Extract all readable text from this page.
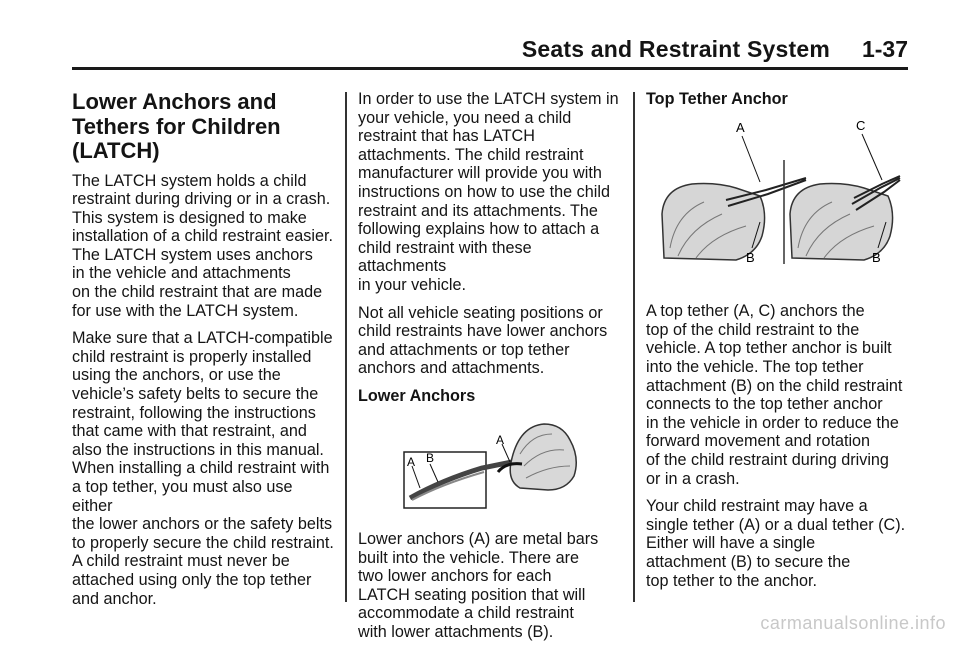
Seats and Restraint System 1-37
Lower Anchors and
Tethers for Children
(LATCH)

The LATCH system holds a child
restraint during driving or in a crash.
This system is designed to make
installation of a child restraint easier.
The LATCH system uses anchors
in the vehicle and attachments
on the child restraint that are made
for use with the LATCH system.

Make sure that a LATCH-compatible
child restraint is properly installed
using the anchors, or use the
vehicle’s safety belts to secure the
restraint, following the instructions
that came with that restraint, and
also the instructions in this manual.
When installing a child restraint with
a top tether, you must also use either
the lower anchors or the safety belts
to properly secure the child restraint.
A child restraint must never be
attached using only the top tether
and anchor.

In order to use the LATCH system in
your vehicle, you need a child
restraint that has LATCH
attachments. The child restraint
manufacturer will provide you with
instructions on how to use the child
restraint and its attachments. The
following explains how to attach a
child restraint with these attachments
in your vehicle.

Not all vehicle seating positions or
child restraints have lower anchors
and attachments or top tether
anchors and attachments.

Lower Anchors
A B
A

Lower anchors (A) are metal bars
built into the vehicle. There are
two lower anchors for each
LATCH seating position that will
accommodate a child restraint
with lower attachments (B).

Top Tether Anchor
A
B
C
B

A top tether (A, C) anchors the
top of the child restraint to the
vehicle. A top tether anchor is built
into the vehicle. The top tether
attachment (B) on the child restraint
connects to the top tether anchor
in the vehicle in order to reduce the
forward movement and rotation
of the child restraint during driving
or in a crash.

Your child restraint may have a
single tether (A) or a dual tether (C).
Either will have a single
attachment (B) to secure the
top tether to the anchor.

carmanualsonline.info
